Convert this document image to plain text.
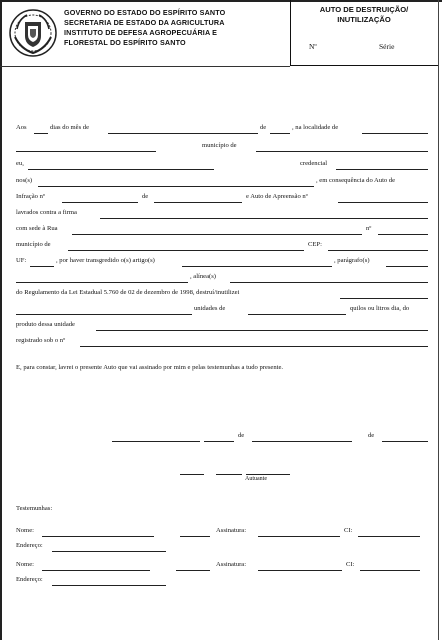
GOVERNO DO ESTADO DO ESPÍRITO SANTO
SECRETARIA DE ESTADO DA AGRICULTURA
INSTITUTO DE DEFESA AGROPECUÁRIA E
FLORESTAL DO ESPÍRITO SANTO
AUTO DE DESTRUIÇÃO/
INUTILIZAÇÃO
Nº	Série
Aos	dias do mês de	de	, na localidade de
município de
eu,	credencial
nos(s)	, em consequência do Auto de
Infração nº	de	e Auto de Apreensão nº
lavrados contra a firma
com sede à Rua	nº
município de	CEP:
UF:	, por haver transgredido o(s) artigo(s)	, parágrafo(s)
, alínea(s)
do Regulamento da Lei Estadual 5.760 de 02 de dezembro de 1998, destruí/inutilizei
unidades de	quilos ou litros dia, do
produto dessa unidade
registrado sob o nº
E, para constar, lavrei o presente Auto que vai assinado por mim e pelas testemunhas a tudo presente.
de	de
Autuante
Testemunhas:
Nome:	Assinatura:	CI:
Endereço:
Nome:	Assinatura:	CI:
Endereço:
